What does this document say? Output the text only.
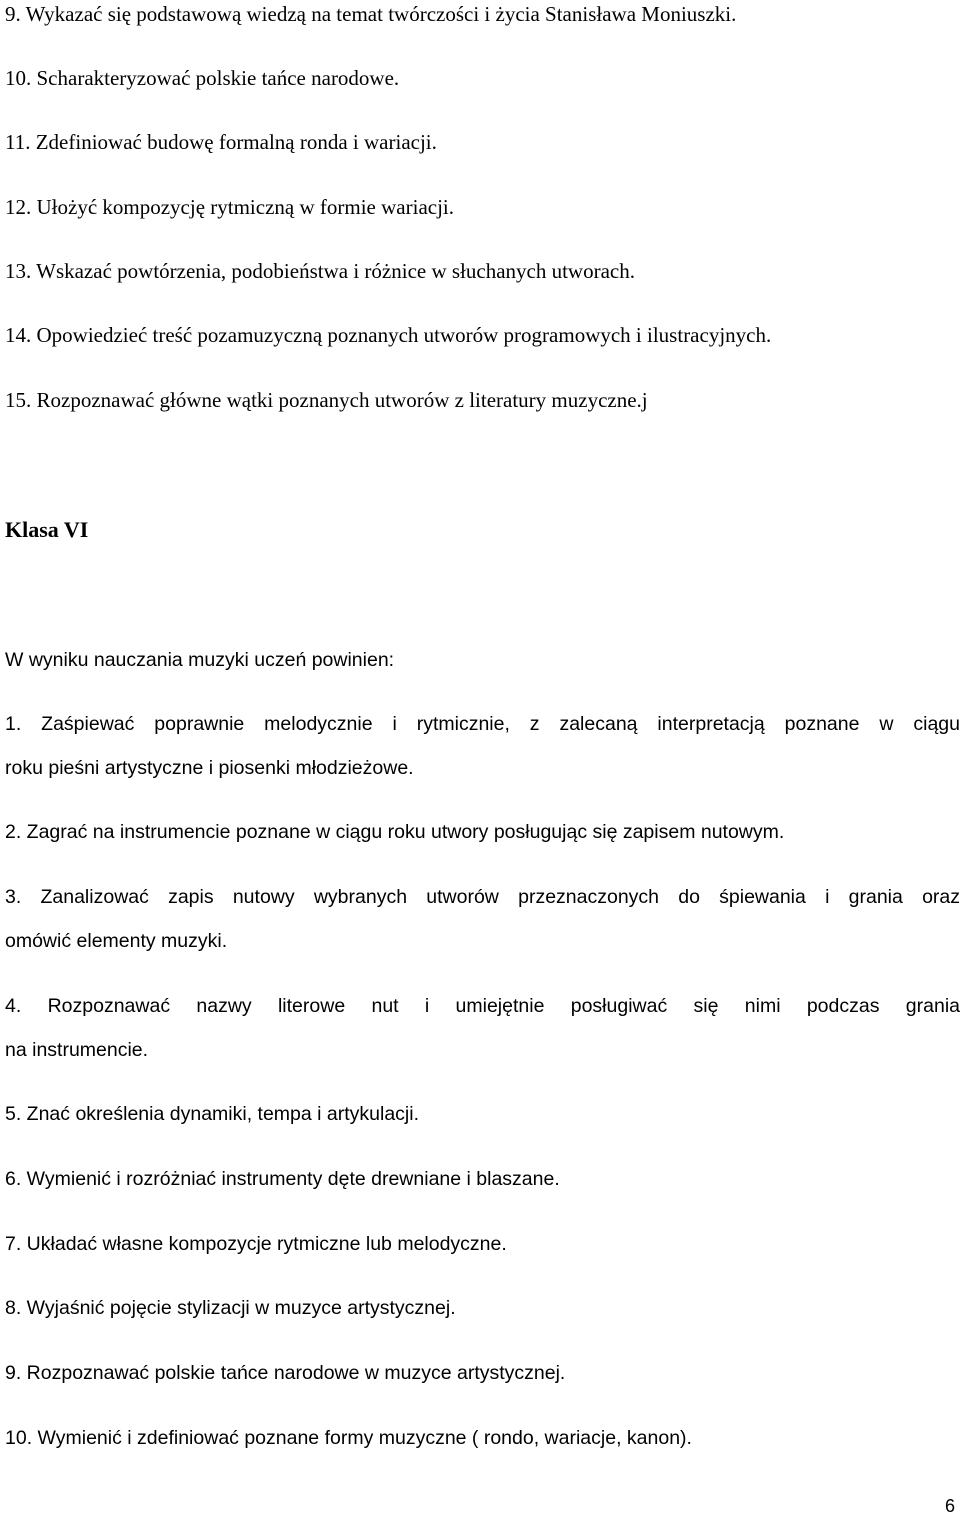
9. Wykazać się podstawową wiedzą na temat twórczości i życia Stanisława Moniuszki.

10. Scharakteryzować polskie tańce narodowe.

11. Zdefiniować budowę formalną ronda i wariacji.

12. Ułożyć kompozycję rytmiczną w formie wariacji.

13. Wskazać powtórzenia, podobieństwa i różnice w słuchanych utworach.

14. Opowiedzieć treść pozamuzyczną poznanych utworów programowych i ilustracyjnych.

15. Rozpoznawać główne wątki poznanych utworów z literatury muzyczne.j

Klasa VI

W wyniku nauczania muzyki uczeń powinien:

1. Zaśpiewać poprawnie melodycznie i rytmicznie, z zalecaną interpretacją poznane w ciągu

roku pieśni artystyczne i piosenki młodzieżowe.

2. Zagrać na instrumencie poznane w ciągu roku utwory posługując się zapisem nutowym.

3. Zanalizować zapis nutowy wybranych utworów przeznaczonych do śpiewania i grania oraz

omówić elementy muzyki.

4. Rozpoznawać nazwy literowe nut i umiejętnie posługiwać się nimi podczas grania

na instrumencie.

5. Znać określenia dynamiki, tempa i artykulacji.

6. Wymienić i rozróżniać instrumenty dęte drewniane i blaszane.

7. Układać własne kompozycje rytmiczne lub melodyczne.

8. Wyjaśnić pojęcie stylizacji w muzyce artystycznej.

9. Rozpoznawać polskie tańce narodowe w muzyce artystycznej.

10. Wymienić i zdefiniować poznane formy muzyczne ( rondo, wariacje, kanon).

6
